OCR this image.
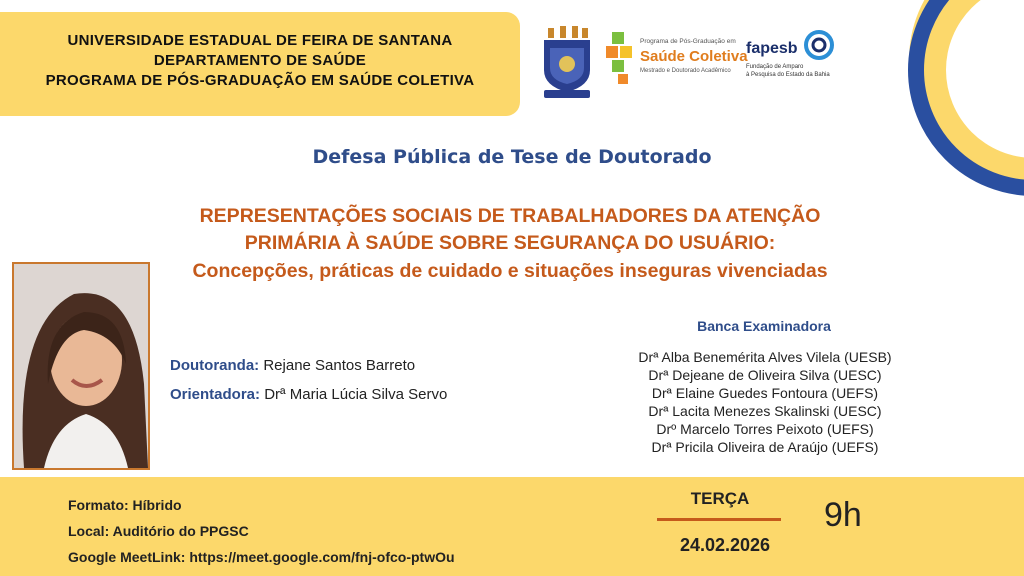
UNIVERSIDADE ESTADUAL DE FEIRA DE SANTANA
DEPARTAMENTO DE SAÚDE
PROGRAMA DE PÓS-GRADUAÇÃO EM SAÚDE COLETIVA
Programa de Pós-Graduação em
Saúde Coletiva
Mestrado e Doutorado Acadêmico
fapesb
Fundação de Amparo
à Pesquisa do Estado da Bahia
Defesa Pública de Tese de Doutorado
REPRESENTAÇÕES SOCIAIS DE TRABALHADORES DA ATENÇÃO
PRIMÁRIA À SAÚDE SOBRE SEGURANÇA DO USUÁRIO:
Concepções, práticas de cuidado e situações inseguras vivenciadas
Doutoranda: Rejane Santos Barreto
Orientadora: Drª Maria Lúcia Silva Servo
Banca Examinadora
Drª Alba Benemérita Alves Vilela (UESB)
Drª Dejeane de Oliveira Silva (UESC)
Drª Elaine Guedes Fontoura (UEFS)
Drª Lacita Menezes Skalinski (UESC)
Drº Marcelo Torres Peixoto (UEFS)
Drª Pricila Oliveira de Araújo (UEFS)
Formato: Híbrido
Local: Auditório do PPGSC
Google MeetLink: https://meet.google.com/fnj-ofco-ptwOu
TERÇA
24.02.2026
9h
